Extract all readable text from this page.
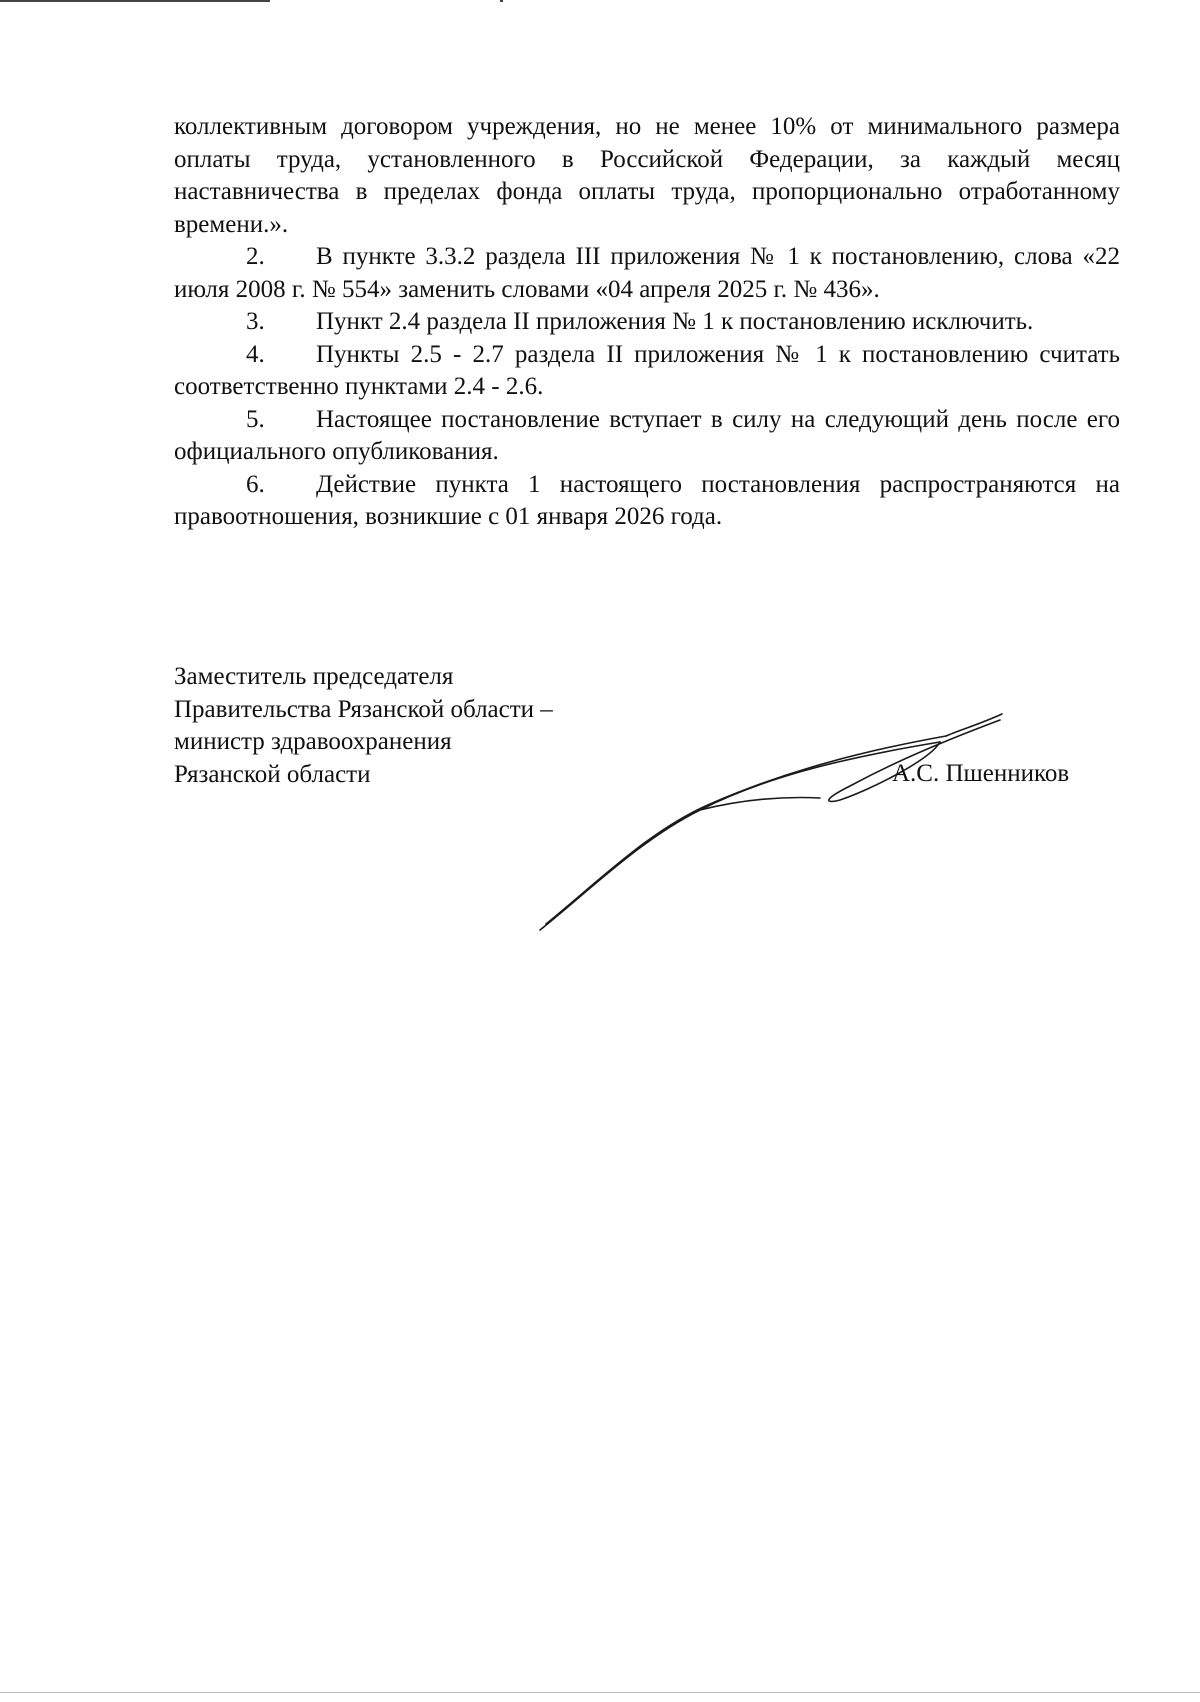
коллективным договором учреждения, но не менее 10% от минимального размера оплаты труда, установленного в Российской Федерации, за каждый месяц наставничества в пределах фонда оплаты труда, пропорционально отработанному времени.».

2. В пункте 3.3.2 раздела III приложения № 1 к постановлению, слова «22 июля 2008 г. № 554» заменить словами «04 апреля 2025 г. № 436».

3. Пункт 2.4 раздела II приложения № 1 к постановлению исключить.

4. Пункты 2.5 - 2.7 раздела II приложения № 1 к постановлению считать соответственно пунктами 2.4 - 2.6.

5. Настоящее постановление вступает в силу на следующий день после его официального опубликования.

6. Действие пункта 1 настоящего постановления распространяются на правоотношения, возникшие с 01 января 2026 года.

Заместитель председателя
Правительства Рязанской области –
министр здравоохранения
Рязанской области	А.С. Пшенников
